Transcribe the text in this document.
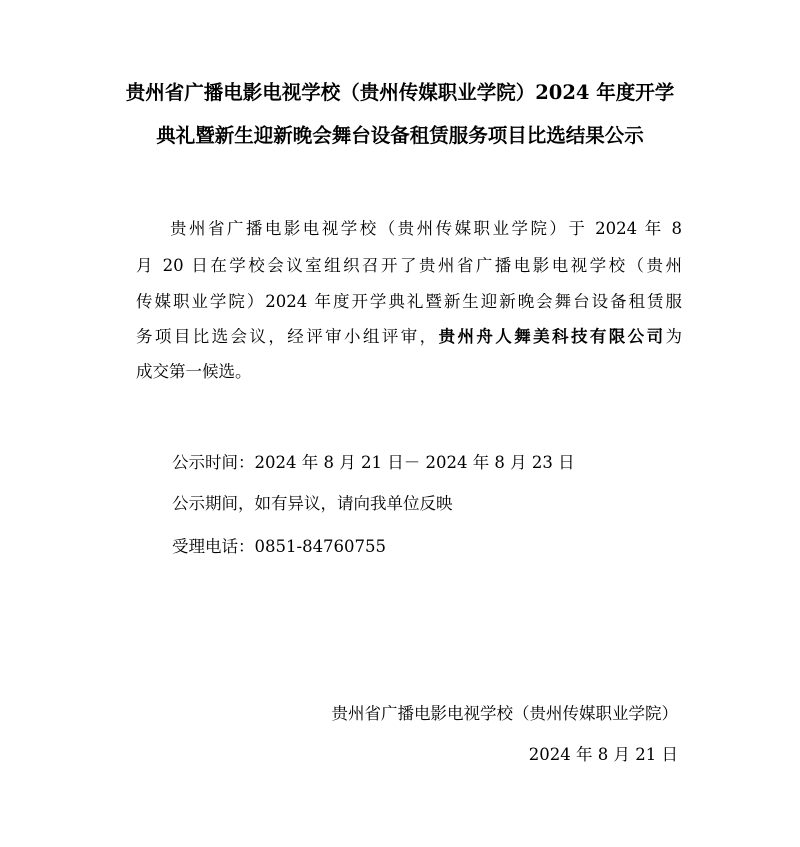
贵州省广播电影电视学校（贵州传媒职业学院）2024 年度开学
典礼暨新生迎新晚会舞台设备租赁服务项目比选结果公示
贵州省广播电影电视学校（贵州传媒职业学院）于 2024 年 8
月 20 日在学校会议室组织召开了贵州省广播电影电视学校（贵州
传媒职业学院）2024 年度开学典礼暨新生迎新晚会舞台设备租赁服
务项目比选会议，经评审小组评审，贵州舟人舞美科技有限公司为
成交第一候选。
公示时间：2024 年 8 月 21 日－ 2024 年 8 月 23 日
公示期间，如有异议，请向我单位反映
受理电话：0851-84760755
贵州省广播电影电视学校（贵州传媒职业学院）
2024 年 8 月 21 日
